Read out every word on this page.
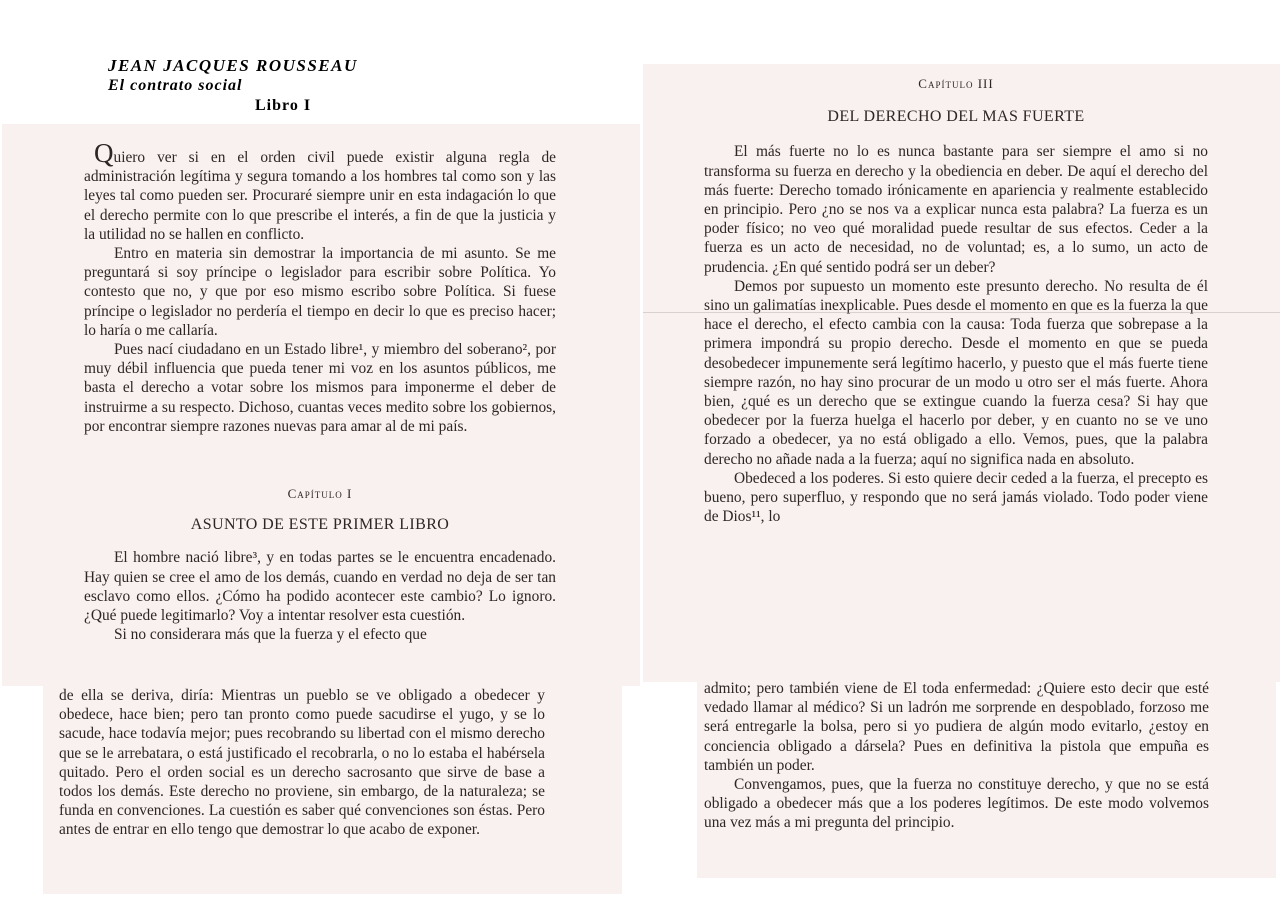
JEAN JACQUES ROUSSEAU
El contrato social
Libro I

Quiero ver si en el orden civil puede existir alguna regla de administración legítima y segura tomando a los hombres tal como son y las leyes tal como pueden ser. Procuraré siempre unir en esta indagación lo que el derecho permite con lo que prescribe el interés, a fin de que la justicia y la utilidad no se hallen en conflicto.

Entro en materia sin demostrar la importancia de mi asunto. Se me preguntará si soy príncipe o legislador para escribir sobre Política. Yo contesto que no, y que por eso mismo escribo sobre Política. Si fuese príncipe o legislador no perdería el tiempo en decir lo que es preciso hacer; lo haría o me callaría.

Pues nací ciudadano en un Estado libre¹, y miembro del soberano², por muy débil influencia que pueda tener mi voz en los asuntos públicos, me basta el derecho a votar sobre los mismos para imponerme el deber de instruirme a su respecto. Dichoso, cuantas veces medito sobre los gobiernos, por encontrar siempre razones nuevas para amar al de mi país.

Capítulo I

ASUNTO DE ESTE PRIMER LIBRO

El hombre nació libre³, y en todas partes se le encuentra encadenado. Hay quien se cree el amo de los demás, cuando en verdad no deja de ser tan esclavo como ellos. ¿Cómo ha podido acontecer este cambio? Lo ignoro. ¿Qué puede legitimarlo? Voy a intentar resolver esta cuestión.

Si no considerara más que la fuerza y el efecto que

de ella se deriva, diría: Mientras un pueblo se ve obligado a obedecer y obedece, hace bien; pero tan pronto como puede sacudirse el yugo, y se lo sacude, hace todavía mejor; pues recobrando su libertad con el mismo derecho que se le arrebatara, o está justificado el recobrarla, o no lo estaba el habérsela quitado. Pero el orden social es un derecho sacrosanto que sirve de base a todos los demás. Este derecho no proviene, sin embargo, de la naturaleza; se funda en convenciones. La cuestión es saber qué convenciones son éstas. Pero antes de entrar en ello tengo que demostrar lo que acabo de exponer.

Capítulo III

DEL DERECHO DEL MAS FUERTE

El más fuerte no lo es nunca bastante para ser siempre el amo si no transforma su fuerza en derecho y la obediencia en deber. De aquí el derecho del más fuerte: Derecho tomado irónicamente en apariencia y realmente establecido en principio. Pero ¿no se nos va a explicar nunca esta palabra? La fuerza es un poder físico; no veo qué moralidad puede resultar de sus efectos. Ceder a la fuerza es un acto de necesidad, no de voluntad; es, a lo sumo, un acto de prudencia. ¿En qué sentido podrá ser un deber?

Demos por supuesto un momento este presunto derecho. No resulta de él sino un galimatías inexplicable. Pues desde el momento en que es la fuerza la que hace el derecho, el efecto cambia con la causa: Toda fuerza que sobrepase a la primera impondrá su propio derecho. Desde el momento en que se pueda desobedecer impunemente será legítimo hacerlo, y puesto que el más fuerte tiene siempre razón, no hay sino procurar de un modo u otro ser el más fuerte. Ahora bien, ¿qué es un derecho que se extingue cuando la fuerza cesa? Si hay que obedecer por la fuerza huelga el hacerlo por deber, y en cuanto no se ve uno forzado a obedecer, ya no está obligado a ello. Vemos, pues, que la palabra derecho no añade nada a la fuerza; aquí no significa nada en absoluto.

Obedeced a los poderes. Si esto quiere decir ceded a la fuerza, el precepto es bueno, pero superfluo, y respondo que no será jamás violado. Todo poder viene de Dios¹¹, lo

admito; pero también viene de El toda enfermedad: ¿Quiere esto decir que esté vedado llamar al médico? Si un ladrón me sorprende en despoblado, forzoso me será entregarle la bolsa, pero si yo pudiera de algún modo evitarlo, ¿estoy en conciencia obligado a dársela? Pues en definitiva la pistola que empuña es también un poder.

Convengamos, pues, que la fuerza no constituye derecho, y que no se está obligado a obedecer más que a los poderes legítimos. De este modo volvemos una vez más a mi pregunta del principio.
